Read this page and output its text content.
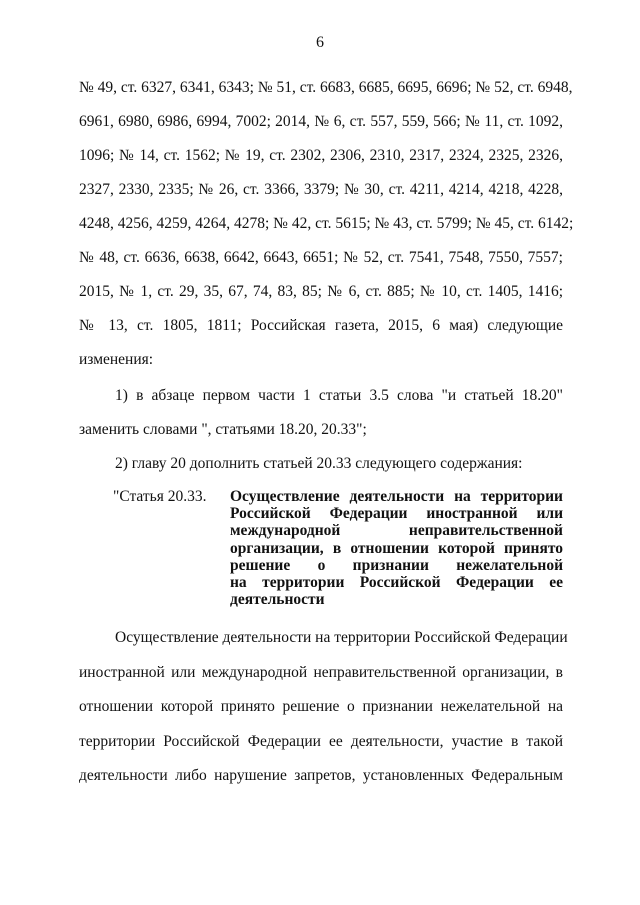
6
№ 49, ст. 6327, 6341, 6343; № 51, ст. 6683, 6685, 6695, 6696; № 52, ст. 6948,
6961, 6980, 6986, 6994, 7002; 2014, № 6, ст. 557, 559, 566; № 11, ст. 1092,
1096; № 14, ст. 1562; № 19, ст. 2302, 2306, 2310, 2317, 2324, 2325, 2326,
2327, 2330, 2335; № 26, ст. 3366, 3379; № 30, ст. 4211, 4214, 4218, 4228,
4248, 4256, 4259, 4264, 4278; № 42, ст. 5615; № 43, ст. 5799; № 45, ст. 6142;
№ 48, ст. 6636, 6638, 6642, 6643, 6651; № 52, ст. 7541, 7548, 7550, 7557;
2015, № 1, ст. 29, 35, 67, 74, 83, 85; № 6, ст. 885; № 10, ст. 1405, 1416;
№ 13, ст. 1805, 1811; Российская газета, 2015, 6 мая) следующие
изменения:
1) в абзаце первом части 1 статьи 3.5 слова "и статьей 18.20"
заменить словами ", статьями 18.20, 20.33";
2) главу 20 дополнить статьей 20.33 следующего содержания:
"Статья 20.33.	Осуществление деятельности на территории
Российской Федерации иностранной или
международной неправительственной
организации, в отношении которой принято
решение о признании нежелательной
на территории Российской Федерации ее
деятельности
Осуществление деятельности на территории Российской Федерации
иностранной или международной неправительственной организации, в
отношении которой принято решение о признании нежелательной на
территории Российской Федерации ее деятельности, участие в такой
деятельности либо нарушение запретов, установленных Федеральным
